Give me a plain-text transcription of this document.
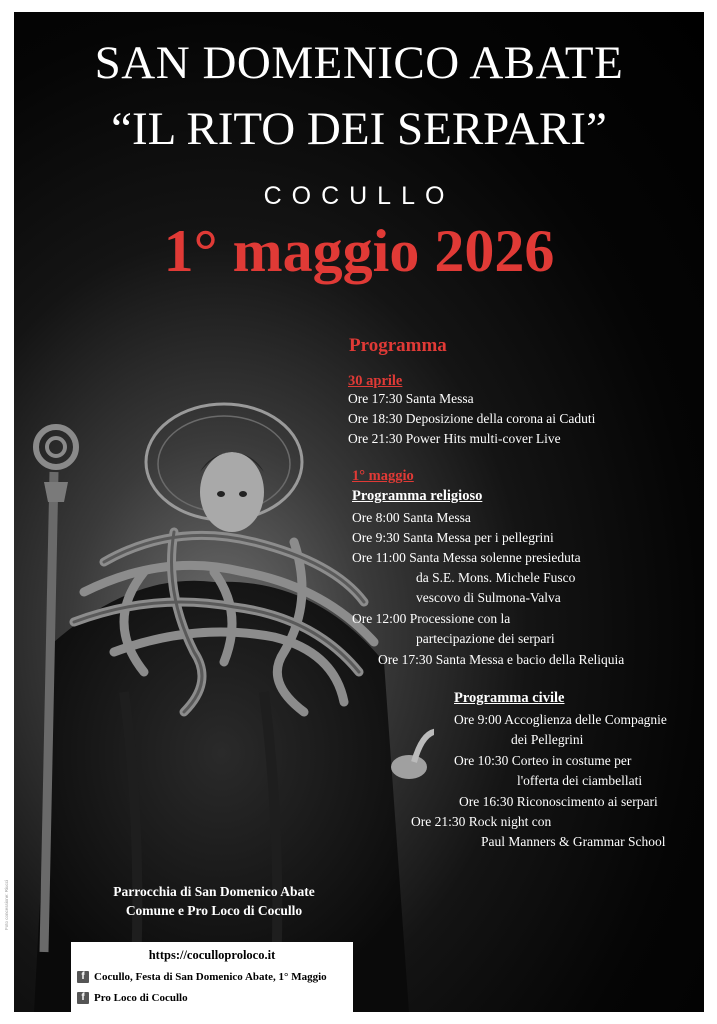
SAN DOMENICO ABATE
“IL RITO DEI SERPARI”
COCULLO
1° maggio 2026
Programma
30 aprile
Ore 17:30 Santa Messa
Ore 18:30 Deposizione della corona ai Caduti
Ore 21:30 Power Hits multi-cover Live
1° maggio
Programma religioso
Ore 8:00 Santa Messa
Ore 9:30 Santa Messa per i pellegrini
Ore 11:00 Santa Messa solenne presieduta
da S.E. Mons. Michele Fusco
vescovo di Sulmona-Valva
Ore 12:00 Processione con la
partecipazione dei serpari
Ore 17:30 Santa Messa e bacio della Reliquia
Programma civile
Ore 9:00 Accoglienza delle Compagnie
dei Pellegrini
Ore 10:30 Corteo in costume per
l'offerta dei ciambellati
Ore 16:30 Riconoscimento ai serpari
Ore 21:30 Rock night con
Paul Manners & Grammar School
Parrocchia di San Domenico Abate
Comune e Pro Loco di Cocullo
https://coculloproloco.it
f Cocullo, Festa di San Domenico Abate, 1° Maggio
f Pro Loco di Cocullo
Foto concessione: Riucci
